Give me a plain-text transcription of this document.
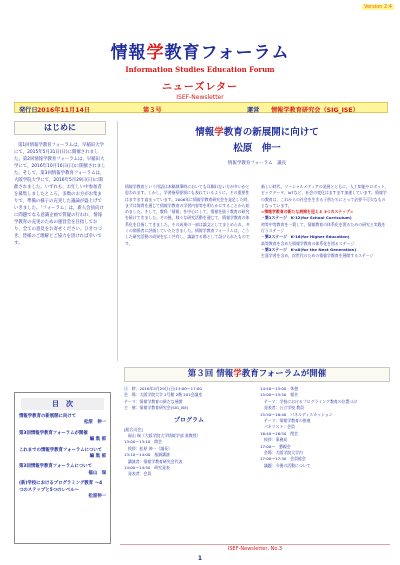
Version 2.4
情報学教育フォーラム
Information Studies Education Forum
ニューズレター
ISEF-Newsletter
発行日 2016年11月14日	第３号	運営 情報学教育研究会（SIG_ISE）
はじめに
第1回情報学教育フォーラムは，早稲田大学にて，2015年5月31日(日)に開催されました。第2回情報学教育フォーラムは，早稲田大学にて，2016年10月16日(日)に開催されました。そして，第3回情報学教育フォーラムは，大阪学院大学にて，2016年5月29日(日)に開催されました。いずれも，お忙しい中参加者を募集しましたところ，多数のお方がお集まりで，準備の様子の充実した議論が盛上げでいきました。「フォーラム」は，新人会員向けに問題でなる意識企画で質疑の行われ，情報学教育の充実のための運営会を目指しており，全ての意見をお寄せください。ひきつづき，皆様のご理解とご協力を頂ければ幸いです。
情報学教育の新展開に向けて
松原　伸一
情報学教育フォーラム　議長
情報学教育という用語は本稿執筆時においても耳馴れない方が多いかと思われます。しかし，学習指導要領にも表れているように，その重要性はますます高まっています。2006年に情報学教育研究会を発足した時，まずは質問を通じて情報学教育の学習内容等を明らかにすることから始めました。そして，教科「情報」を中心にして，情報を扱う教育の研究を続けてきました。その後，様々な研究活動を通じて，情報学教育の体系化を目指してきました。その成果の一部は論文としてまとめられ，多くの関係者に評価していただきました。情報学教育フォーラムは，こうした研究活動の成果を広く共有し，議論する場として設けられたものです。
新しい時代，ソーシャルメディアの発展とともに，人工知能やロボット，ビッグデータ，IoTなど，社会の変化はますます加速しています。情報学の教育は，これからの社会を生きる子供たちにとって必要不可欠なものとなっています。
<情報学教育の新たな展開を迎える 3つのステップ>
・第1ステージ　K-12(for School Curriculum)
初等中等教育を一貫して，情報教育の体系化を図るための研究と実践を行うステージ
・第2ステージ　K-16(for Higher Education)
高等教育を含めた情報学教育の体系化を図るステージ
・第3ステージ　K-all(for the Next Generation)
生涯学習を含め，次世代のための情報学教育を展開するステージ
第３回 情報学教育フォーラムが開催
日　時：2016年5月29日(日)13:00〜17:00
会　場：大阪学院大学 2号館 2階 201会議室
テーマ：情報学教育の新たな展開
主　催：情報学教育研究会(SIG_ISE)
プログラム
[総合司会]
　福山 瑞（大阪学院大学情報学部 准教授）
13:00〜13:10　開会
　挨拶：松原 伸一（議長）
13:10〜14:00　基調講演
　講演者：情報学教育研究会代表
14:00〜14:50　研究発表
　発表者：会員
14:50〜15:00　休憩
15:00〜15:50　報告
　テーマ：学校におけるプログラミング教育の位置づけ
　発表者：公立学校 教員
15:50〜16:40　パネルディスカッション
　テーマ：情報学教育の推進
　パネリスト：会員
16:40〜16:50　閉会
　挨拶：事務局
17:00〜　懇親会
　会場：大阪学院大学内
17:00〜17:30　会員総会
　議題：今後の活動について
目　次
情報学教育の新展開に向けて
松原　伸一
第3回情報学教育フォーラムが開催
編 集 部
これまでの情報学教育フォーラムについて
編 集 部
第3回情報学教育フォーラムについて
福山　瑞
(新)学校におけるプログラミング教育 〜4つのステップと5つのレベル〜
松原伸一
ISEF-Newsletter, No.3
1
